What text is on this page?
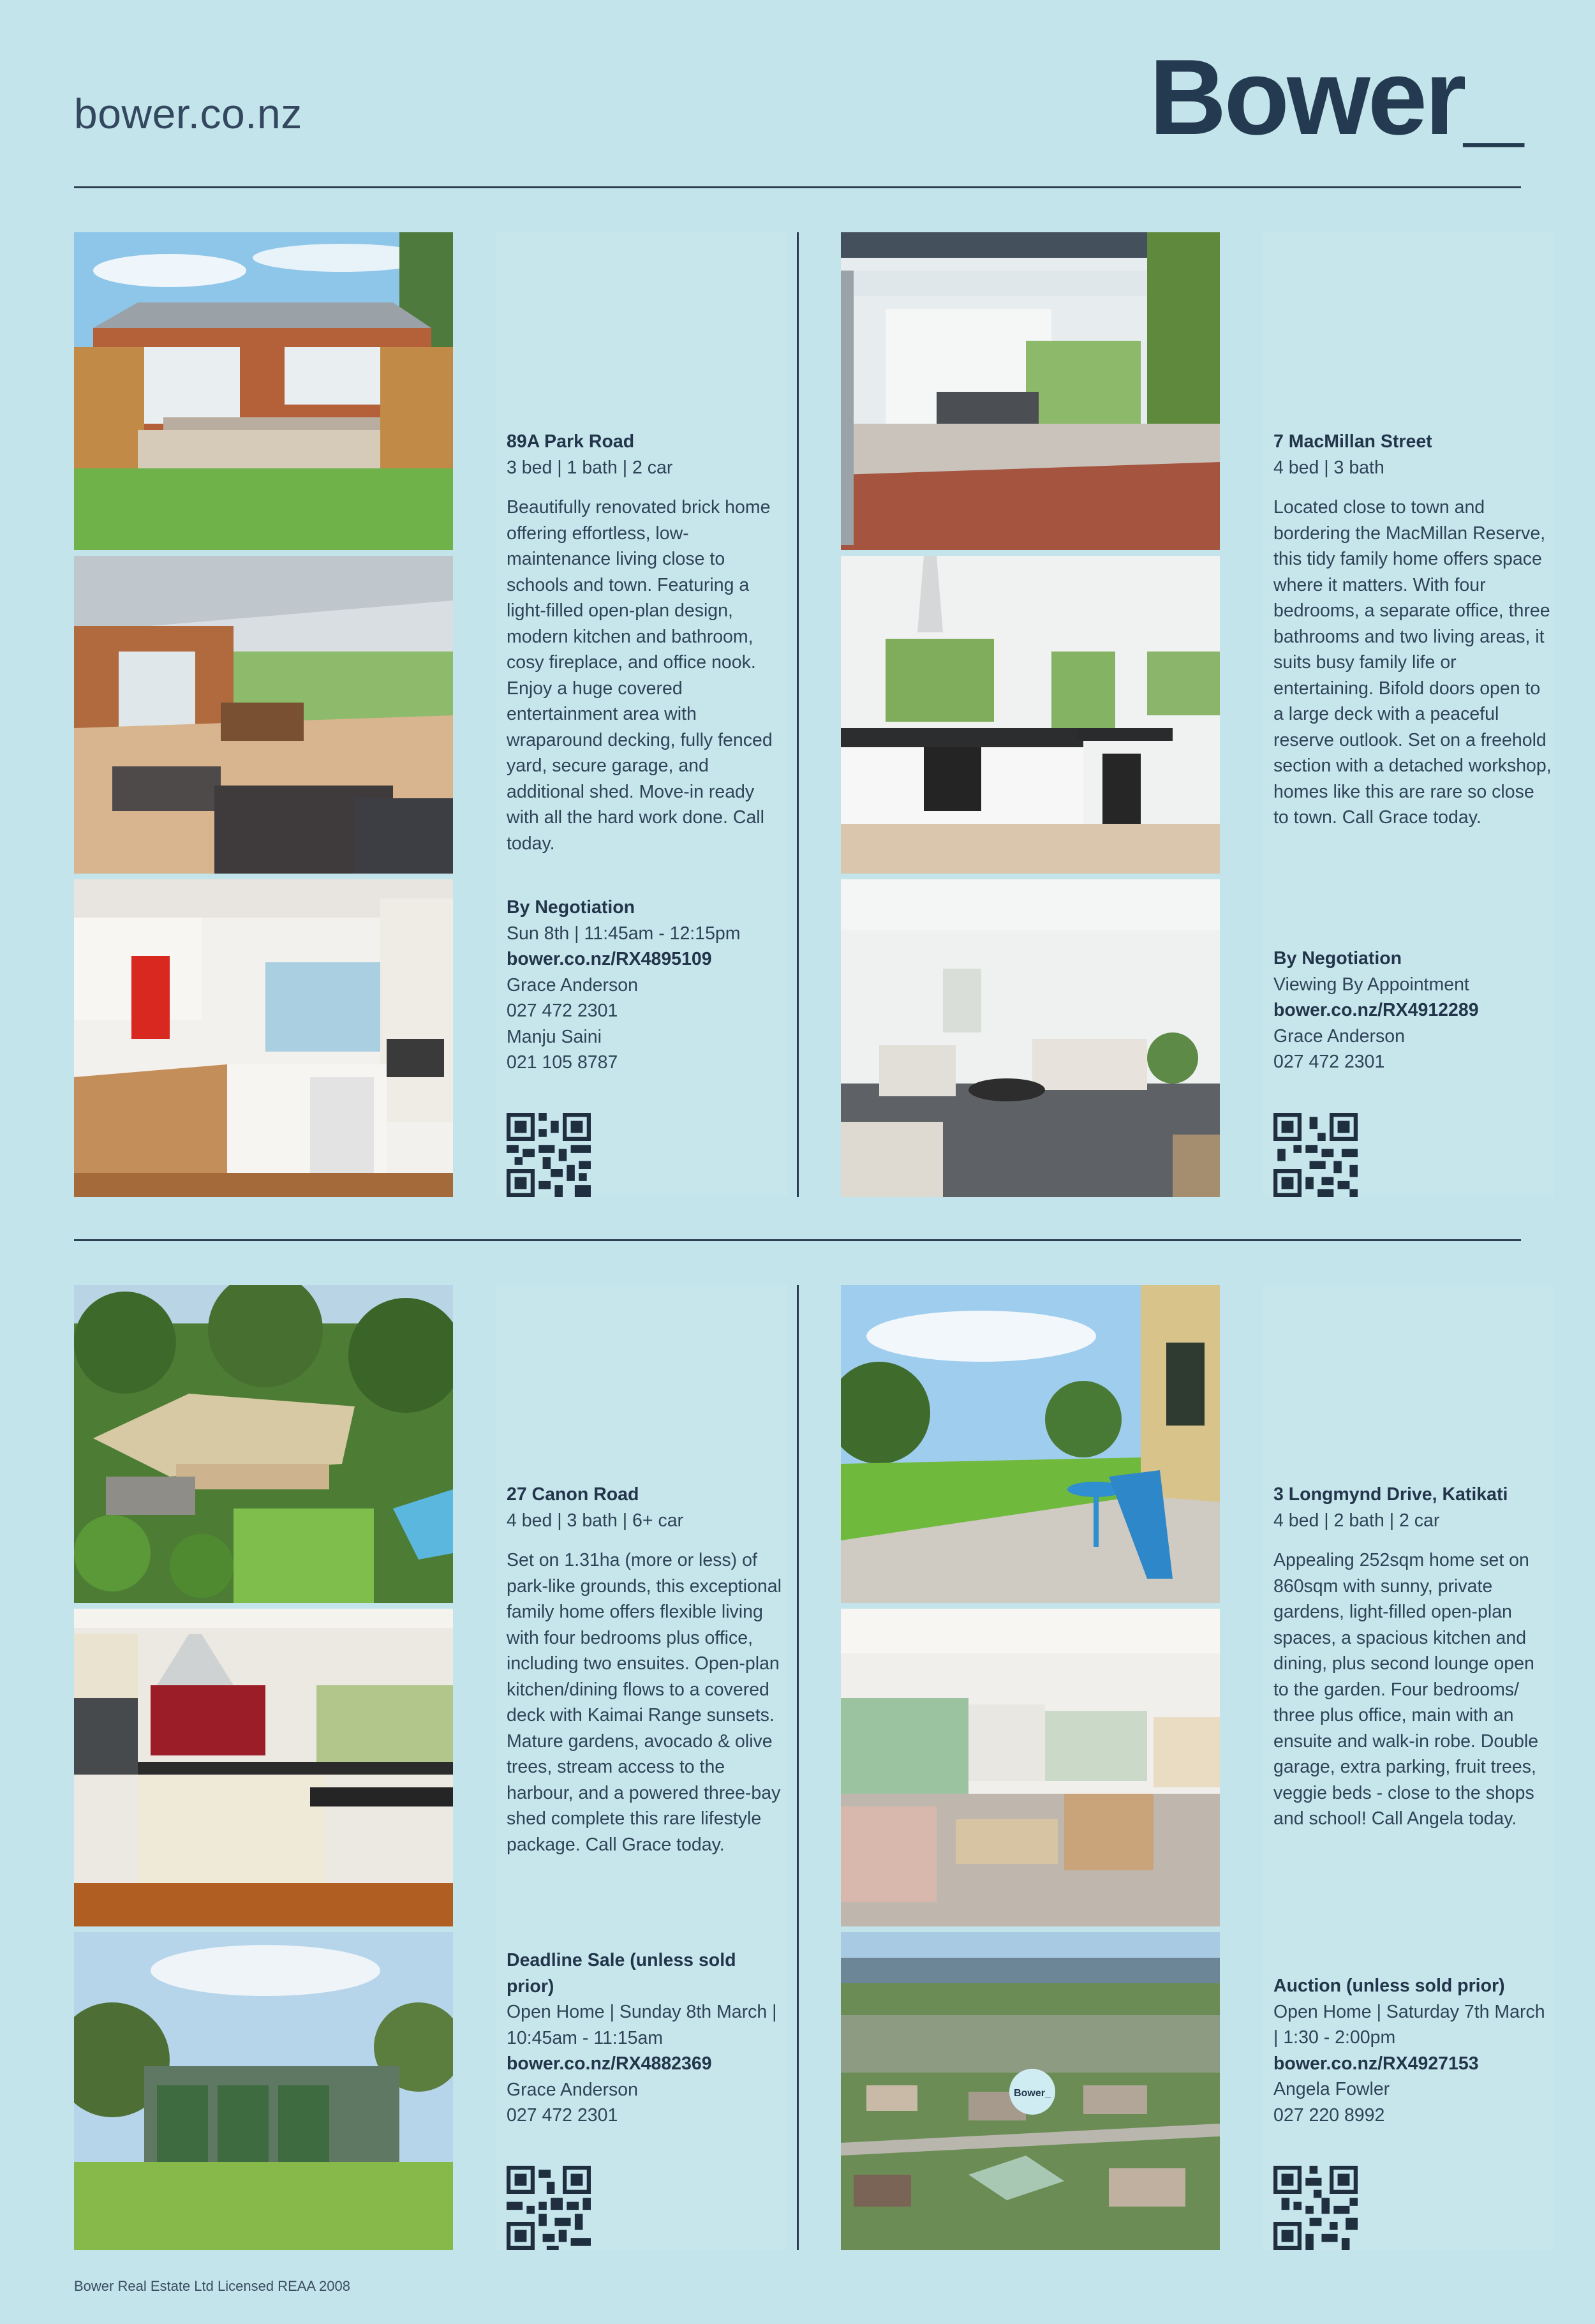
bower.co.nz	Bower_
89A Park Road
3 bed | 1 bath | 2 car
Beautifully renovated brick home offering effortless, low-maintenance living close to schools and town. Featuring a light-filled open-plan design, modern kitchen and bathroom, cosy fireplace, and office nook. Enjoy a huge covered entertainment area with wraparound decking, fully fenced yard, secure garage, and additional shed. Move-in ready with all the hard work done. Call today.
By Negotiation
Sun 8th | 11:45am - 12:15pm
bower.co.nz/RX4895109
Grace Anderson
027 472 2301
Manju Saini
021 105 8787
7 MacMillan Street
4 bed | 3 bath
Located close to town and bordering the MacMillan Reserve, this tidy family home offers space where it matters. With four bedrooms, a separate office, three bathrooms and two living areas, it suits busy family life or entertaining. Bifold doors open to a large deck with a peaceful reserve outlook. Set on a freehold section with a detached workshop, homes like this are rare so close to town. Call Grace today.
By Negotiation
Viewing By Appointment
bower.co.nz/RX4912289
Grace Anderson
027 472 2301
27 Canon Road
4 bed | 3 bath | 6+ car
Set on 1.31ha (more or less) of park-like grounds, this exceptional family home offers flexible living with four bedrooms plus office, including two ensuites. Open-plan kitchen/dining flows to a covered deck with Kaimai Range sunsets. Mature gardens, avocado & olive trees, stream access to the harbour, and a powered three-bay shed complete this rare lifestyle package. Call Grace today.
Deadline Sale (unless sold prior)
Open Home | Sunday 8th March | 10:45am - 11:15am
bower.co.nz/RX4882369
Grace Anderson
027 472 2301
Bower_
3 Longmynd Drive, Katikati
4 bed | 2 bath | 2 car
Appealing 252sqm home set on 860sqm with sunny, private gardens, light-filled open-plan spaces, a spacious kitchen and dining, plus second lounge open to the garden. Four bedrooms/ three plus office, main with an ensuite and walk-in robe. Double garage, extra parking, fruit trees, veggie beds - close to the shops and school! Call Angela today.
Auction (unless sold prior)
Open Home | Saturday 7th March | 1:30 - 2:00pm
bower.co.nz/RX4927153
Angela Fowler
027 220 8992
Bower Real Estate Ltd Licensed REAA 2008
